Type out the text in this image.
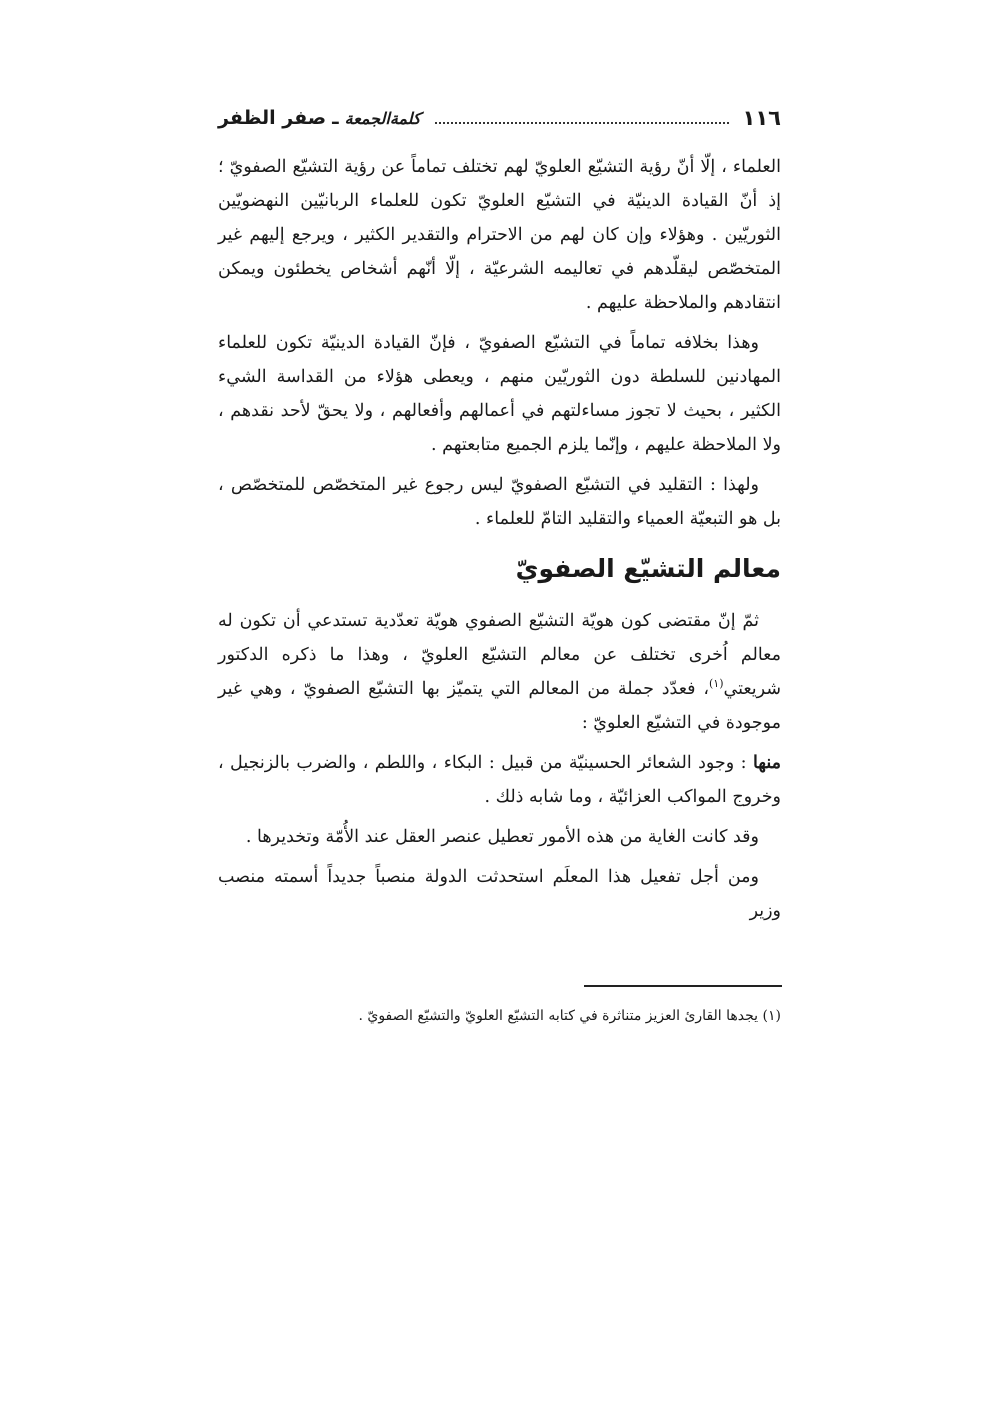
١١٦
كلمةالجمعة
ـ
صفر الظفر

العلماء ، إلّا أنّ رؤية التشيّع العلويّ لهم تختلف تماماً عن رؤية التشيّع الصفويّ ؛ إذ أنّ القيادة الدينيّة في التشيّع العلويّ تكون للعلماء الربانيّين النهضويّين الثوريّين . وهؤلاء وإن كان لهم من الاحترام والتقدير الكثير ، ويرجع إليهم غير المتخصّص ليقلّدهم في تعاليمه الشرعيّة ، إلّا أنّهم أشخاص يخطئون ويمكن انتقادهم والملاحظة عليهم .

وهذا بخلافه تماماً في التشيّع الصفويّ ، فإنّ القيادة الدينيّة تكون للعلماء المهادنين للسلطة دون الثوريّين منهم ، ويعطى هؤلاء من القداسة الشيء الكثير ، بحيث لا تجوز مساءلتهم في أعمالهم وأفعالهم ، ولا يحقّ لأحد نقدهم ، ولا الملاحظة عليهم ، وإنّما يلزم الجميع متابعتهم .

ولهذا : التقليد في التشيّع الصفويّ ليس رجوع غير المتخصّص للمتخصّص ، بل هو التبعيّة العمياء والتقليد التامّ للعلماء .

معالم التشيّع الصفويّ

ثمّ إنّ مقتضى كون هويّة التشيّع الصفوي هويّة تعدّدية تستدعي أن تكون له معالم اُخرى تختلف عن معالم التشيّع العلويّ ، وهذا ما ذكره الدكتور شريعتي$^{(١)}$، فعدّد جملة من المعالم التي يتميّز بها التشيّع الصفويّ ، وهي غير موجودة في التشيّع العلويّ :

منها : وجود الشعائر الحسينيّة من قبيل : البكاء ، واللطم ، والضرب بالزنجيل ، وخروج المواكب العزائيّة ، وما شابه ذلك .

وقد كانت الغاية من هذه الأمور تعطيل عنصر العقل عند الأُمّة وتخديرها .

ومن أجل تفعيل هذا المعلَم استحدثت الدولة منصباً جديداً أسمته منصب وزير

(١) يجدها القارئ العزيز متناثرة في كتابه التشيّع العلويّ والتشيّع الصفويّ .
